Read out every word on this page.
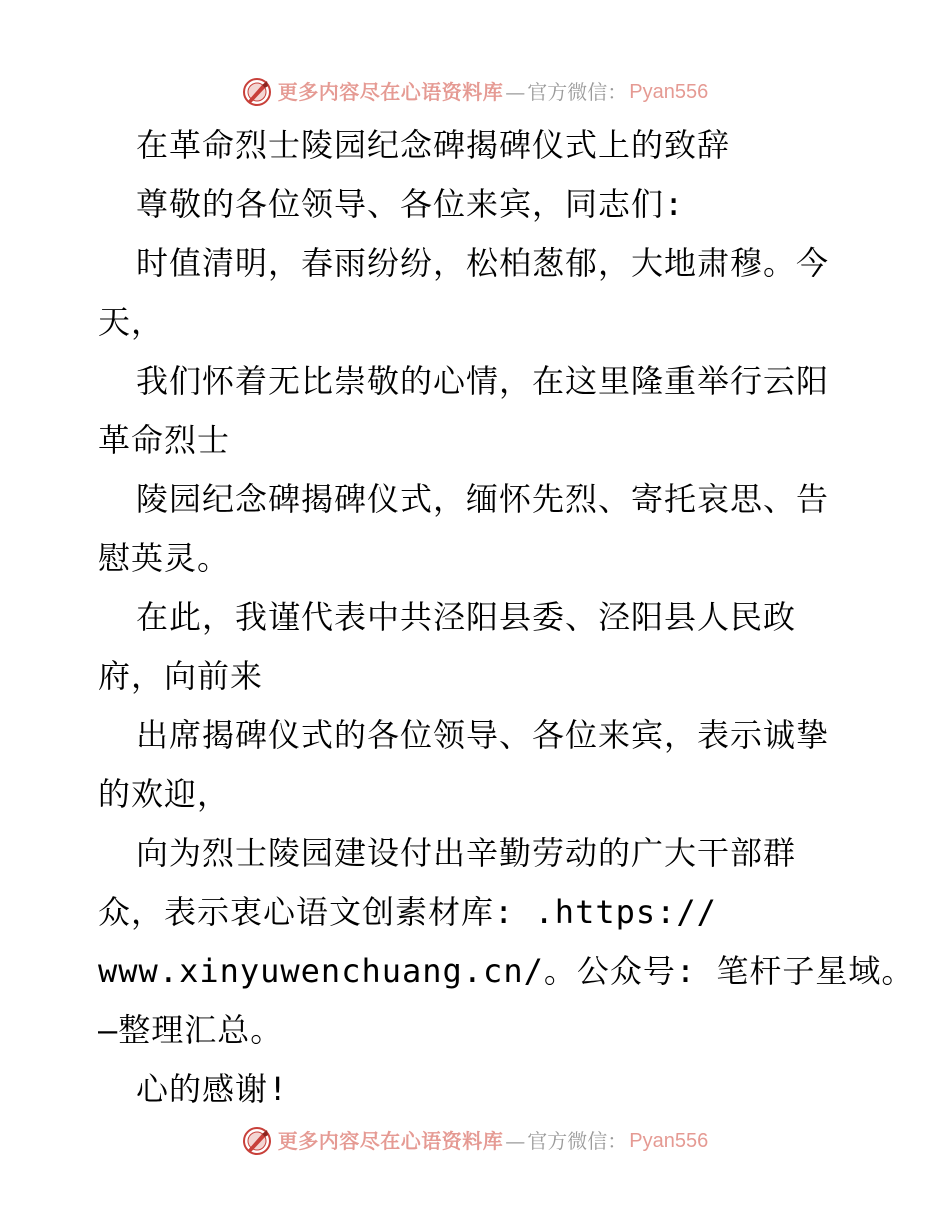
更多内容尽在心语资料库 — 官方微信： Pyan556
在革命烈士陵园纪念碑揭碑仪式上的致辞
尊敬的各位领导、各位来宾，同志们:
时值清明，春雨纷纷，松柏葱郁，大地肃穆。今
天，
我们怀着无比崇敬的心情，在这里隆重举行云阳
革命烈士
陵园纪念碑揭碑仪式，缅怀先烈、寄托哀思、告
慰英灵。
在此，我谨代表中共泾阳县委、泾阳县人民政
府，向前来
出席揭碑仪式的各位领导、各位来宾，表示诚挚
的欢迎，
向为烈士陵园建设付出辛勤劳动的广大干部群
众，表示衷心语文创素材库: .https://
www.xinyuwenchuang.cn/。公众号: 笔杆子星域。
—整理汇总。
心的感谢!
更多内容尽在心语资料库 — 官方微信： Pyan556
